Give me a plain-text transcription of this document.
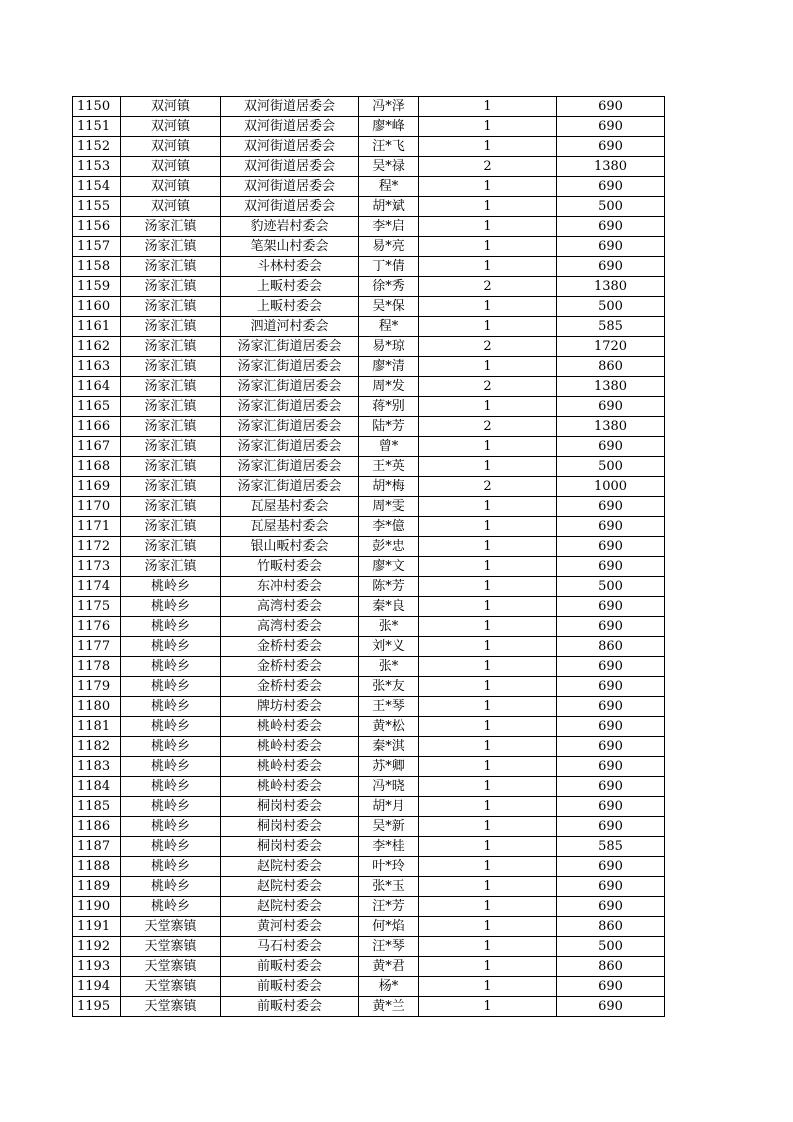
1150	双河镇	双河街道居委会	冯*泽	1	690
1151	双河镇	双河街道居委会	廖*峰	1	690
1152	双河镇	双河街道居委会	汪*飞	1	690
1153	双河镇	双河街道居委会	吴*禄	2	1380
1154	双河镇	双河街道居委会	程*	1	690
1155	双河镇	双河街道居委会	胡*斌	1	500
1156	汤家汇镇	豹迹岩村委会	李*启	1	690
1157	汤家汇镇	笔架山村委会	易*亮	1	690
1158	汤家汇镇	斗林村委会	丁*倩	1	690
1159	汤家汇镇	上畈村委会	徐*秀	2	1380
1160	汤家汇镇	上畈村委会	吴*保	1	500
1161	汤家汇镇	泗道河村委会	程*	1	585
1162	汤家汇镇	汤家汇街道居委会	易*琼	2	1720
1163	汤家汇镇	汤家汇街道居委会	廖*清	1	860
1164	汤家汇镇	汤家汇街道居委会	周*发	2	1380
1165	汤家汇镇	汤家汇街道居委会	蒋*别	1	690
1166	汤家汇镇	汤家汇街道居委会	陆*芳	2	1380
1167	汤家汇镇	汤家汇街道居委会	曾*	1	690
1168	汤家汇镇	汤家汇街道居委会	王*英	1	500
1169	汤家汇镇	汤家汇街道居委会	胡*梅	2	1000
1170	汤家汇镇	瓦屋基村委会	周*雯	1	690
1171	汤家汇镇	瓦屋基村委会	李*億	1	690
1172	汤家汇镇	银山畈村委会	彭*忠	1	690
1173	汤家汇镇	竹畈村委会	廖*文	1	690
1174	桃岭乡	东冲村委会	陈*芳	1	500
1175	桃岭乡	高湾村委会	秦*良	1	690
1176	桃岭乡	高湾村委会	张*	1	690
1177	桃岭乡	金桥村委会	刘*义	1	860
1178	桃岭乡	金桥村委会	张*	1	690
1179	桃岭乡	金桥村委会	张*友	1	690
1180	桃岭乡	牌坊村委会	王*琴	1	690
1181	桃岭乡	桃岭村委会	黄*松	1	690
1182	桃岭乡	桃岭村委会	秦*淇	1	690
1183	桃岭乡	桃岭村委会	苏*卿	1	690
1184	桃岭乡	桃岭村委会	冯*晓	1	690
1185	桃岭乡	桐岗村委会	胡*月	1	690
1186	桃岭乡	桐岗村委会	吴*新	1	690
1187	桃岭乡	桐岗村委会	李*桂	1	585
1188	桃岭乡	赵院村委会	叶*玲	1	690
1189	桃岭乡	赵院村委会	张*玉	1	690
1190	桃岭乡	赵院村委会	汪*芳	1	690
1191	天堂寨镇	黄河村委会	何*焰	1	860
1192	天堂寨镇	马石村委会	汪*琴	1	500
1193	天堂寨镇	前畈村委会	黄*君	1	860
1194	天堂寨镇	前畈村委会	杨*	1	690
1195	天堂寨镇	前畈村委会	黄*兰	1	690
